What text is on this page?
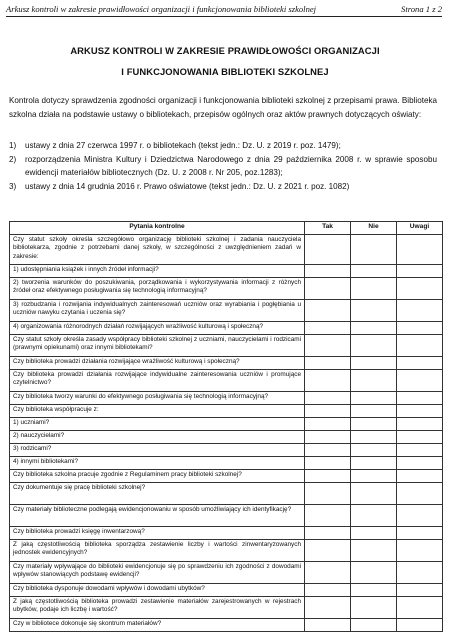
Arkusz kontroli w zakresie prawidłowości organizacji i funkcjonowania biblioteki szkolnej	Strona 1 z 2
ARKUSZ KONTROLI W ZAKRESIE PRAWIDŁOWOŚCI ORGANIZACJI
I FUNKCJONOWANIA BIBLIOTEKI SZKOLNEJ

Kontrola dotyczy sprawdzenia zgodności organizacji i funkcjonowania biblioteki szkolnej z przepisami prawa. Biblioteka szkolna działa na podstawie ustawy o bibliotekach, przepisów ogólnych oraz aktów prawnych dotyczących oświaty:

1) ustawy z dnia 27 czerwca 1997 r. o bibliotekach (tekst jedn.: Dz. U. z 2019 r. poz. 1479);
2) rozporządzenia Ministra Kultury i Dziedzictwa Narodowego z dnia 29 października 2008 r. w sprawie sposobu ewidencji materiałów bibliotecznych (Dz. U. z 2008 r. Nr 205, poz.1283);
3) ustawy z dnia 14 grudnia 2016 r. Prawo oświatowe (tekst jedn.: Dz. U. z 2021 r. poz. 1082)
Pytania kontrolne	Tak	Nie	Uwagi
Czy statut szkoły określa szczegółowo organizację biblioteki szkolnej i zadania nauczyciela bibliotekarza, zgodnie z potrzebami danej szkoły, w szczególności z uwzględnieniem zadań w zakresie:			
1) udostępniania książek i innych źródeł informacji?			
2) tworzenia warunków do poszukiwania, porządkowania i wykorzystywania informacji z różnych źródeł oraz efektywnego posługiwania się technologią informacyjną?			
3) rozbudzania i rozwijania indywidualnych zainteresowań uczniów oraz wyrabiania i pogłębiania u uczniów nawyku czytania i uczenia się?			
4) organizowania różnorodnych działań rozwijających wrażliwość kulturową i społeczną?			
Czy statut szkoły określa zasady współpracy biblioteki szkolnej z uczniami, nauczycielami i rodzicami (prawnymi opiekunami) oraz innymi bibliotekami?			
Czy biblioteka prowadzi działania rozwijające wrażliwość kulturową i społeczną?			
Czy biblioteka prowadzi działania rozwijające indywidualne zainteresowania uczniów i promujące czytelnictwo?			
Czy biblioteka tworzy warunki do efektywnego posługiwania się technologią informacyjną?			
Czy biblioteka współpracuje z:			
1) uczniami?			
2) nauczycielami?			
3) rodzicami?			
4) innymi bibliotekami?			
Czy biblioteka szkolna pracuje zgodnie z Regulaminem pracy biblioteki szkolnej?			
Czy dokumentuje się pracę biblioteki szkolnej?			
Czy materiały biblioteczne podlegają ewidencjonowaniu w sposób umożliwiający ich identyfikację?			
Czy biblioteka prowadzi księgę inwentarzową?			
Z jaką częstotliwością biblioteka sporządza zestawienie liczby i wartości zinwentaryzowanych jednostek ewidencyjnych?			
Czy materiały wpływające do biblioteki ewidencjonuje się po sprawdzeniu ich zgodności z dowodami wpływów stanowiących podstawę ewidencji?			
Czy biblioteka dysponuje dowodami wpływów i dowodami ubytków?			
Z jaką częstotliwością biblioteka prowadzi zestawienie materiałów zarejestrowanych w rejestrach ubytków, podaje ich liczbę i wartość?			
Czy w bibliotece dokonuje się skontrum materiałów?			
